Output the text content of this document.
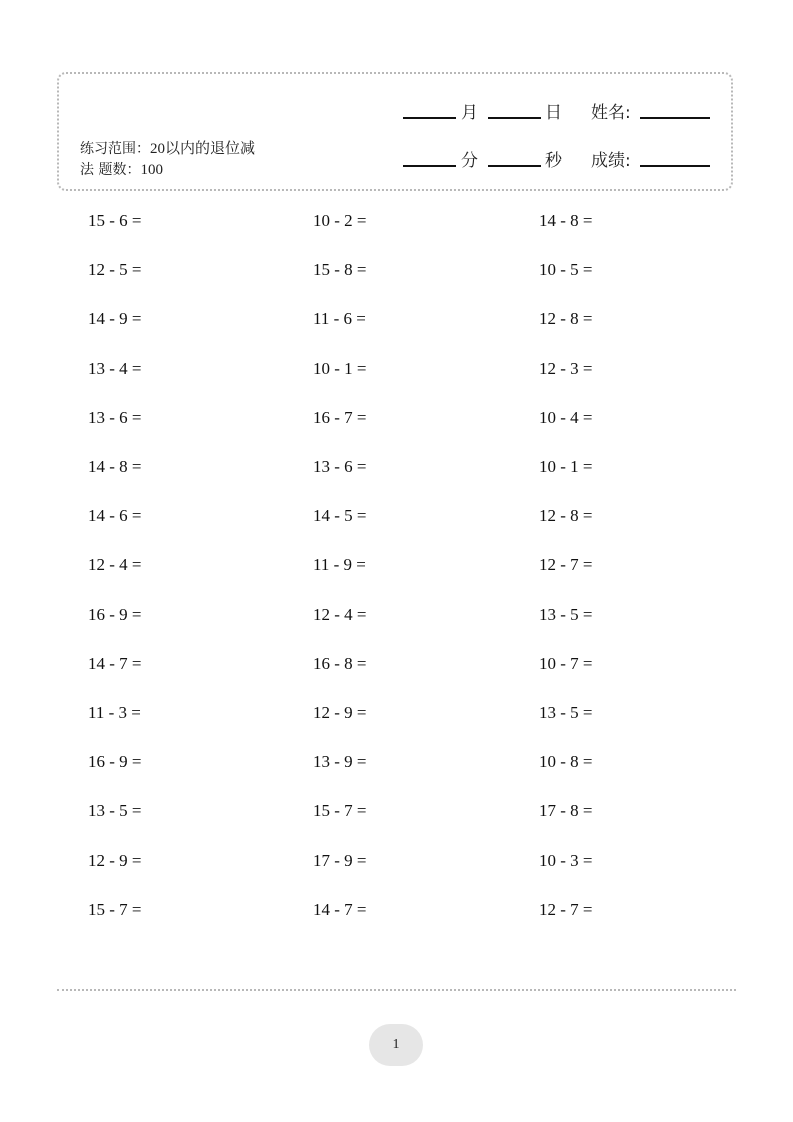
练习范围：20以内的退位减
法 题数：100
月	日 姓名:
分	秒 成绩:
15 - 6 =	10 - 2 =	14 - 8 =
12 - 5 =	15 - 8 =	10 - 5 =
14 - 9 =	11 - 6 =	12 - 8 =
13 - 4 =	10 - 1 =	12 - 3 =
13 - 6 =	16 - 7 =	10 - 4 =
14 - 8 =	13 - 6 =	10 - 1 =
14 - 6 =	14 - 5 =	12 - 8 =
12 - 4 =	11 - 9 =	12 - 7 =
16 - 9 =	12 - 4 =	13 - 5 =
14 - 7 =	16 - 8 =	10 - 7 =
11 - 3 =	12 - 9 =	13 - 5 =
16 - 9 =	13 - 9 =	10 - 8 =
13 - 5 =	15 - 7 =	17 - 8 =
12 - 9 =	17 - 9 =	10 - 3 =
15 - 7 =	14 - 7 =	12 - 7 =
1
